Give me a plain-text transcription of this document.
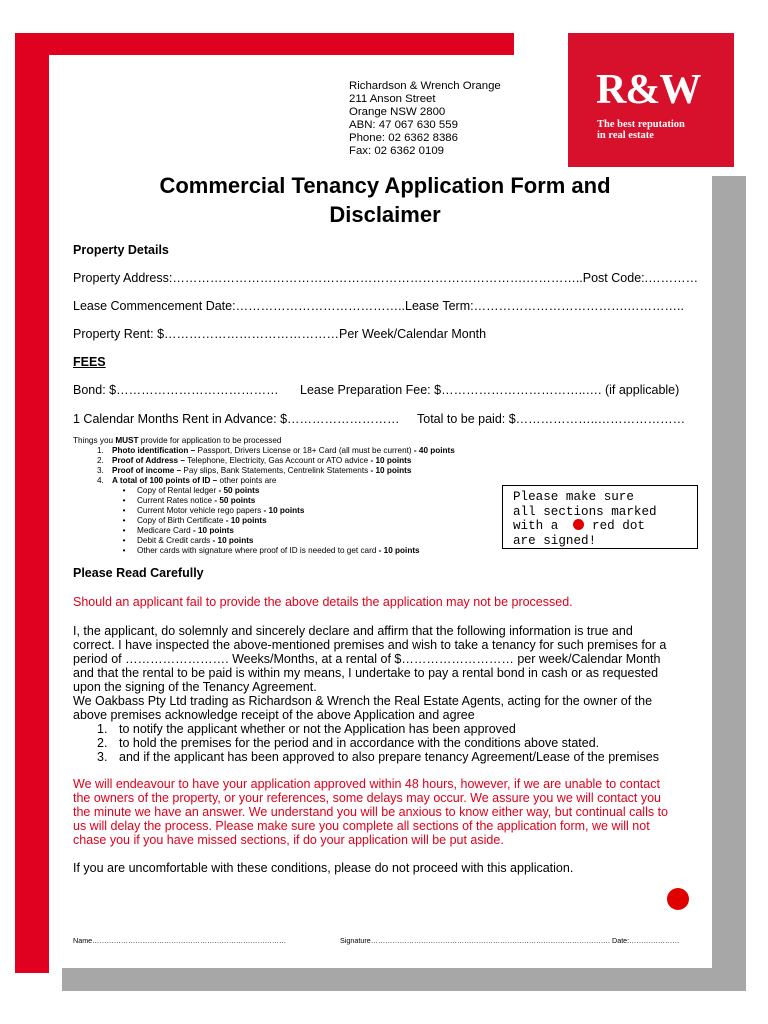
R&W
The best reputation
in real estate
Richardson & Wrench Orange
211 Anson Street
Orange NSW 2800
ABN: 47 067 630 559
Phone: 02 6362 8386
Fax: 02 6362 0109
Commercial Tenancy Application Form and
Disclaimer
Property Details
Property Address:………………………………………………………………………….…………..Post Code:.…………
Lease Commencement Date:…………………………………..Lease Term:……………………………….…………..
Property Rent: $……………………………………Per Week/Calendar Month
FEES
Bond: $………………………………… Lease Preparation Fee: $……………………………..…. (if applicable)
1 Calendar Months Rent in Advance: $……………………… Total to be paid: $………………..…………………
Things you MUST provide for application to be processed
1. Photo identification – Passport, Drivers License or 18+ Card (all must be current) - 40 points
2. Proof of Address – Telephone, Electricity, Gas Account or ATO advice - 10 points
3. Proof of income – Pay slips, Bank Statements, Centrelink Statements - 10 points
4. A total of 100 points of ID – other points are
• Copy of Rental ledger - 50 points
• Current Rates notice - 50 points
• Current Motor vehicle rego papers - 10 points
• Copy of Birth Certificate - 10 points
• Medicare Card - 10 points
• Debit & Credit cards - 10 points
• Other cards with signature where proof of ID is needed to get card - 10 points
Please make sure
all sections marked
with a   red dot
are signed!
Please Read Carefully
Should an applicant fail to provide the above details the application may not be processed.
I, the applicant, do solemnly and sincerely declare and affirm that the following information is true and
correct. I have inspected the above-mentioned premises and wish to take a tenancy for such premises for a
period of ……………………. Weeks/Months, at a rental of $……………………… per week/Calendar Month
and that the rental to be paid is within my means, I undertake to pay a rental bond in cash or as requested
upon the signing of the Tenancy Agreement.
We Oakbass Pty Ltd trading as Richardson & Wrench the Real Estate Agents, acting for the owner of the
above premises acknowledge receipt of the above Application and agree
1. to notify the applicant whether or not the Application has been approved
2. to hold the premises for the period and in accordance with the conditions above stated.
3. and if the applicant has been approved to also prepare tenancy Agreement/Lease of the premises
We will endeavour to have your application approved within 48 hours, however, if we are unable to contact
the owners of the property, or your references, some delays may occur. We assure you we will contact you
the minute we have an answer. We understand you will be anxious to know either way, but continual calls to
us will delay the process. Please make sure you complete all sections of the application form, we will not
chase you if you have missed sections, if do your application will be put aside.
If you are uncomfortable with these conditions, please do not proceed with this application.
Name………………………………………………………………………	Signature………………………………………………………………………………………. Date:…………………
